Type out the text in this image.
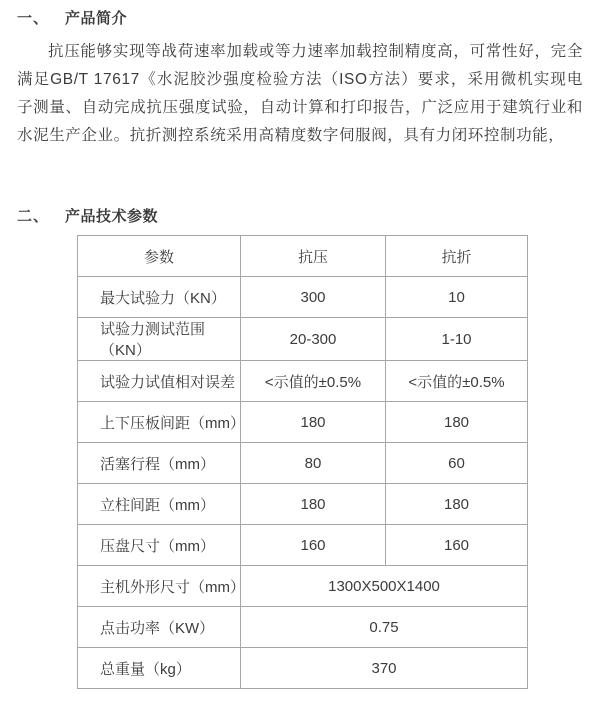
一、	产品简介

抗压能够实现等战荷速率加载或等力速率加载控制精度高，可常性好，完全满足GB/T 17617《水泥胶沙强度检验方法（ISO方法）要求，采用微机实现电子测量、自动完成抗压强度试验，自动计算和打印报告，广泛应用于建筑行业和水泥生产企业。抗折测控系统采用高精度数字伺服阀，具有力闭环控制功能，

二、	产品技术参数
参数	抗压	抗折
最大试验力（KN）	300	10
试验力测试范围（KN）	20-300	1-10
试验力试值相对误差	<示值的±0.5%	<示值的±0.5%
上下压板间距（mm）	180	180
活塞行程（mm）	80	60
立柱间距（mm）	180	180
压盘尺寸（mm）	160	160
主机外形尺寸（mm）	1300X500X1400	
点击功率（KW）	0.75	
总重量（kg）	370	
